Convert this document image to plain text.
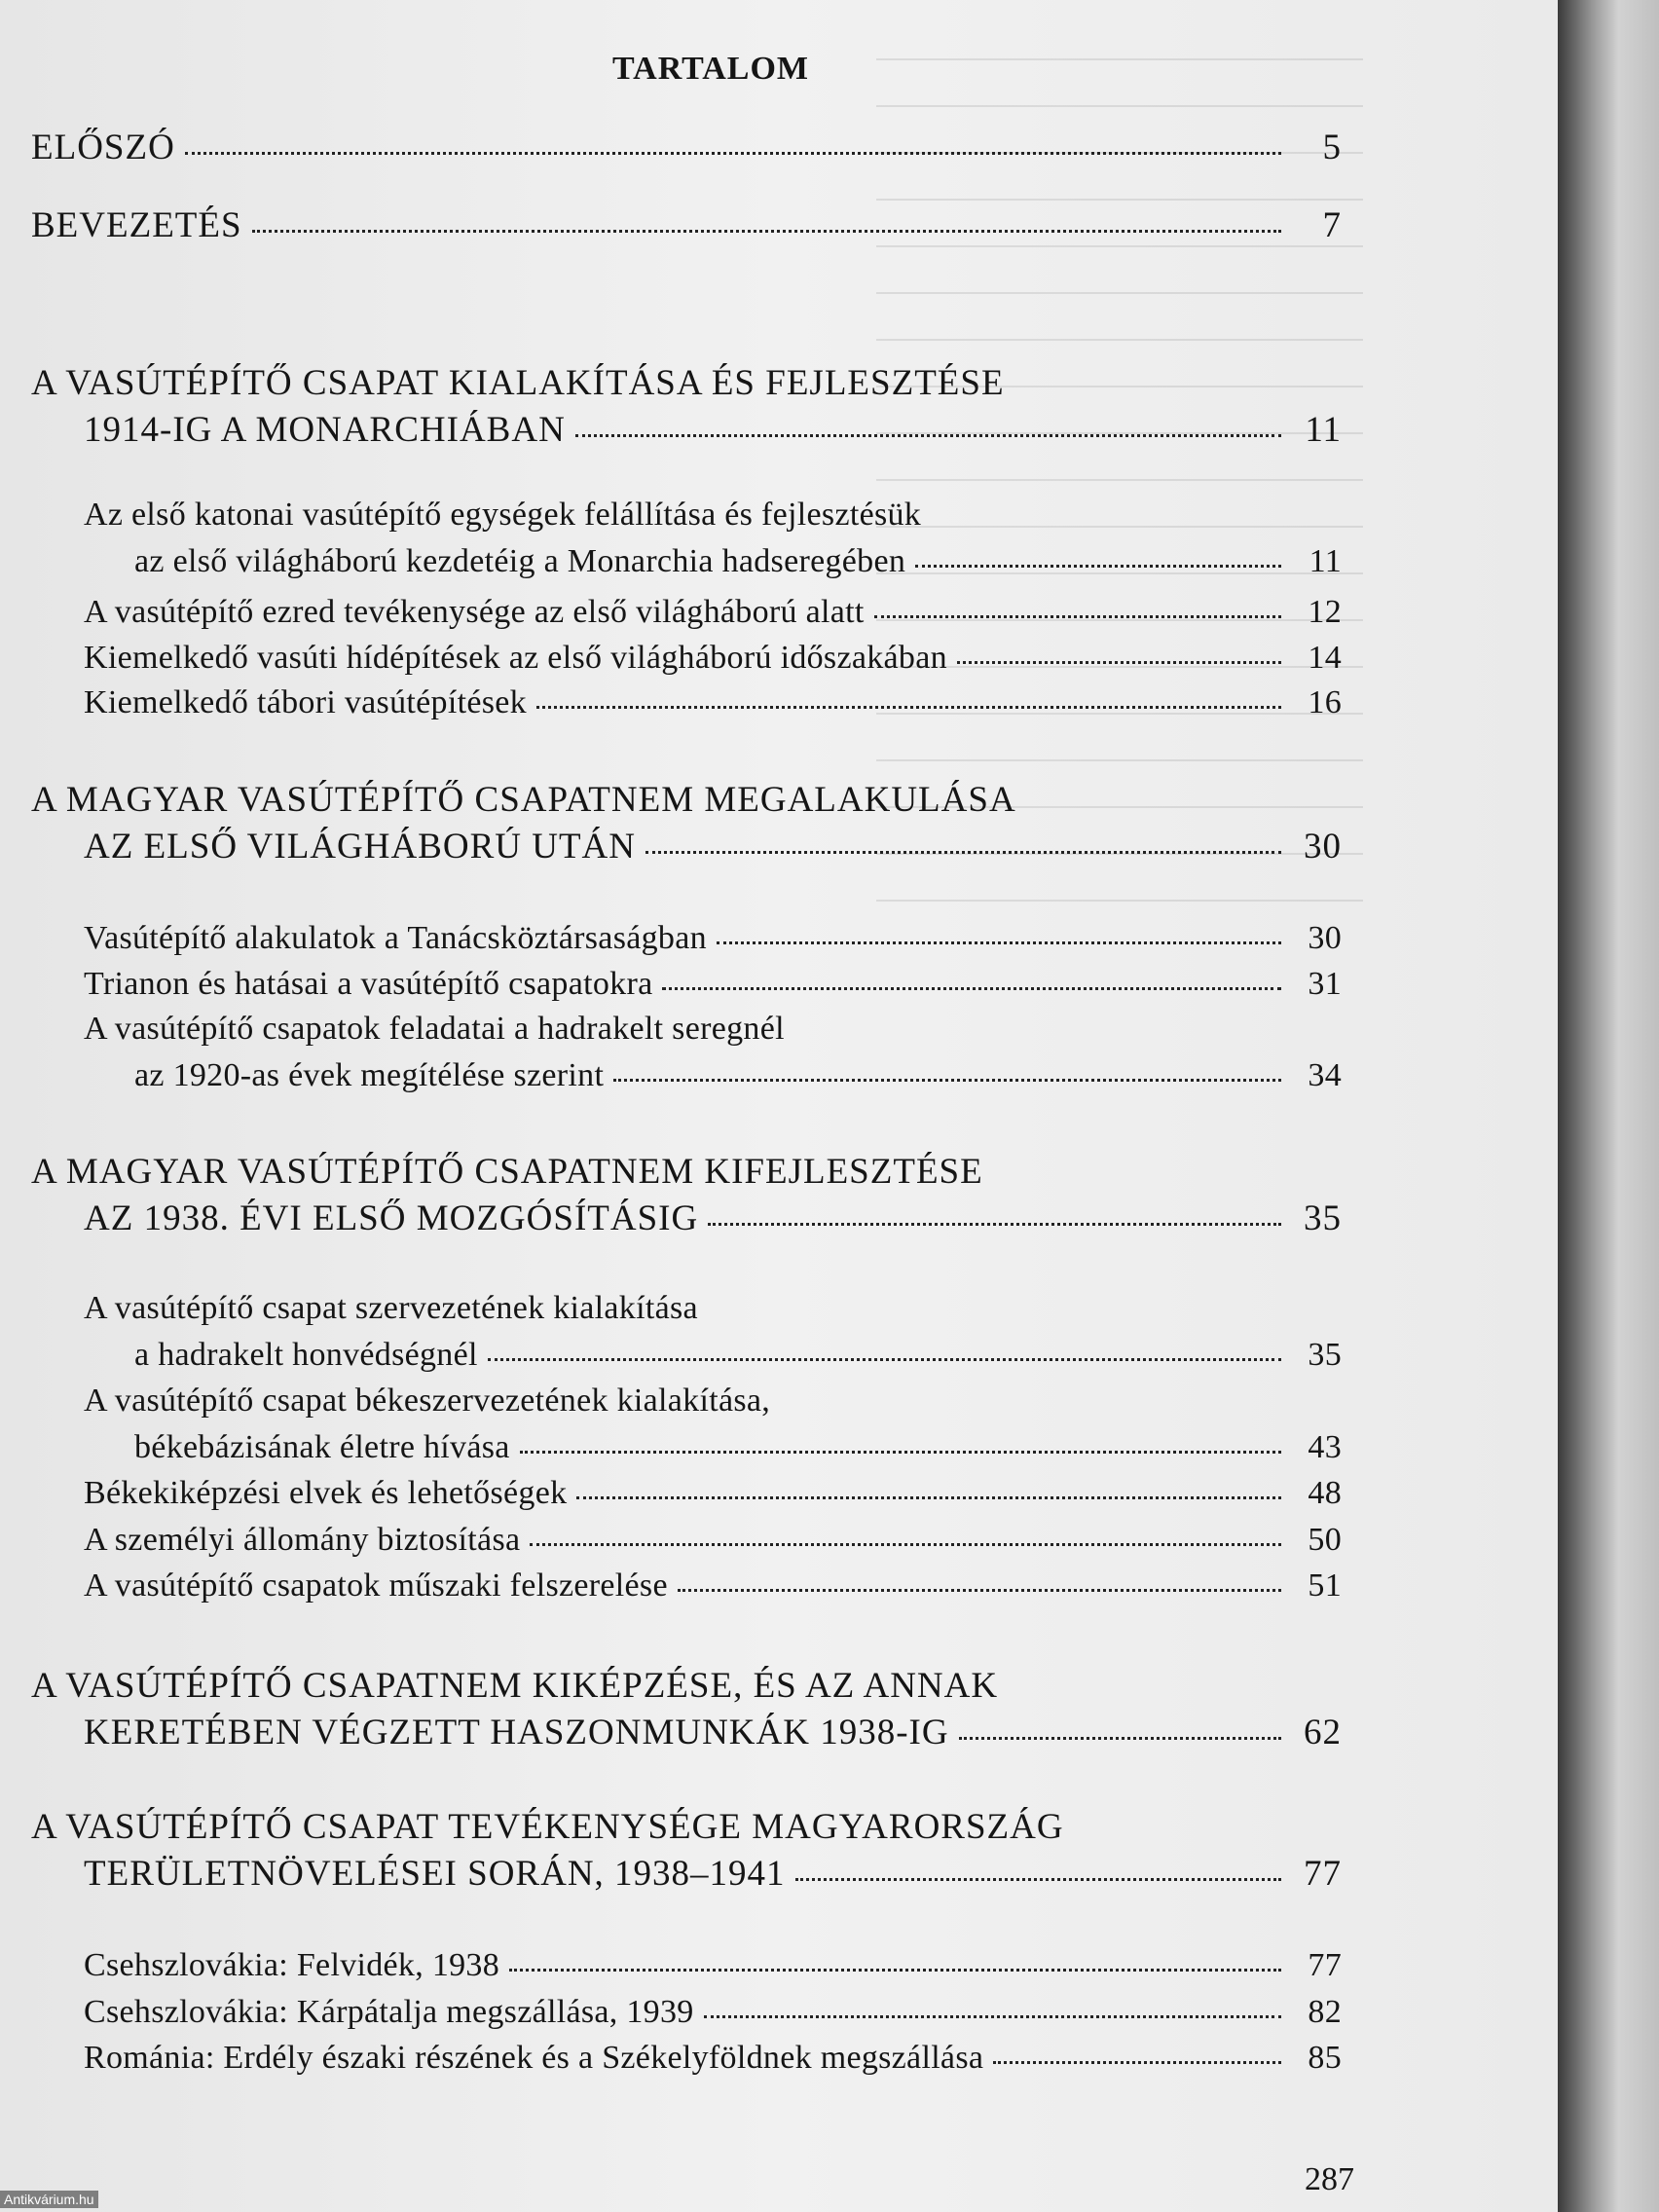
TARTALOM
ELŐSZÓ	5
BEVEZETÉS	7
A VASÚTÉPÍTŐ CSAPAT KIALAKÍTÁSA ÉS FEJLESZTÉSE
1914-IG A MONARCHIÁBAN	11
Az első katonai vasútépítő egységek felállítása és fejlesztésük
az első világháború kezdetéig a Monarchia hadseregében	11
A vasútépítő ezred tevékenysége az első világháború alatt	12
Kiemelkedő vasúti hídépítések az első világháború időszakában	14
Kiemelkedő tábori vasútépítések	16
A MAGYAR VASÚTÉPÍTŐ CSAPATNEM MEGALAKULÁSA
AZ ELSŐ VILÁGHÁBORÚ UTÁN	30
Vasútépítő alakulatok a Tanácsköztársaságban	30
Trianon és hatásai a vasútépítő csapatokra	31
A vasútépítő csapatok feladatai a hadrakelt seregnél
az 1920-as évek megítélése szerint	34
A MAGYAR VASÚTÉPÍTŐ CSAPATNEM KIFEJLESZTÉSE
AZ 1938. ÉVI ELSŐ MOZGÓSÍTÁSIG	35
A vasútépítő csapat szervezetének kialakítása
a hadrakelt honvédségnél	35
A vasútépítő csapat békeszervezetének kialakítása,
békebázisának életre hívása	43
Békekiképzési elvek és lehetőségek	48
A személyi állomány biztosítása	50
A vasútépítő csapatok műszaki felszerelése	51
A VASÚTÉPÍTŐ CSAPATNEM KIKÉPZÉSE, ÉS AZ ANNAK
KERETÉBEN VÉGZETT HASZONMUNKÁK 1938-IG	62
A VASÚTÉPÍTŐ CSAPAT TEVÉKENYSÉGE MAGYARORSZÁG
TERÜLETNÖVELÉSEI SORÁN, 1938–1941	77
Csehszlovákia: Felvidék, 1938	77
Csehszlovákia: Kárpátalja megszállása, 1939	82
Románia: Erdély északi részének és a Székelyföldnek megszállása	85
287
Antikvárium.hu
